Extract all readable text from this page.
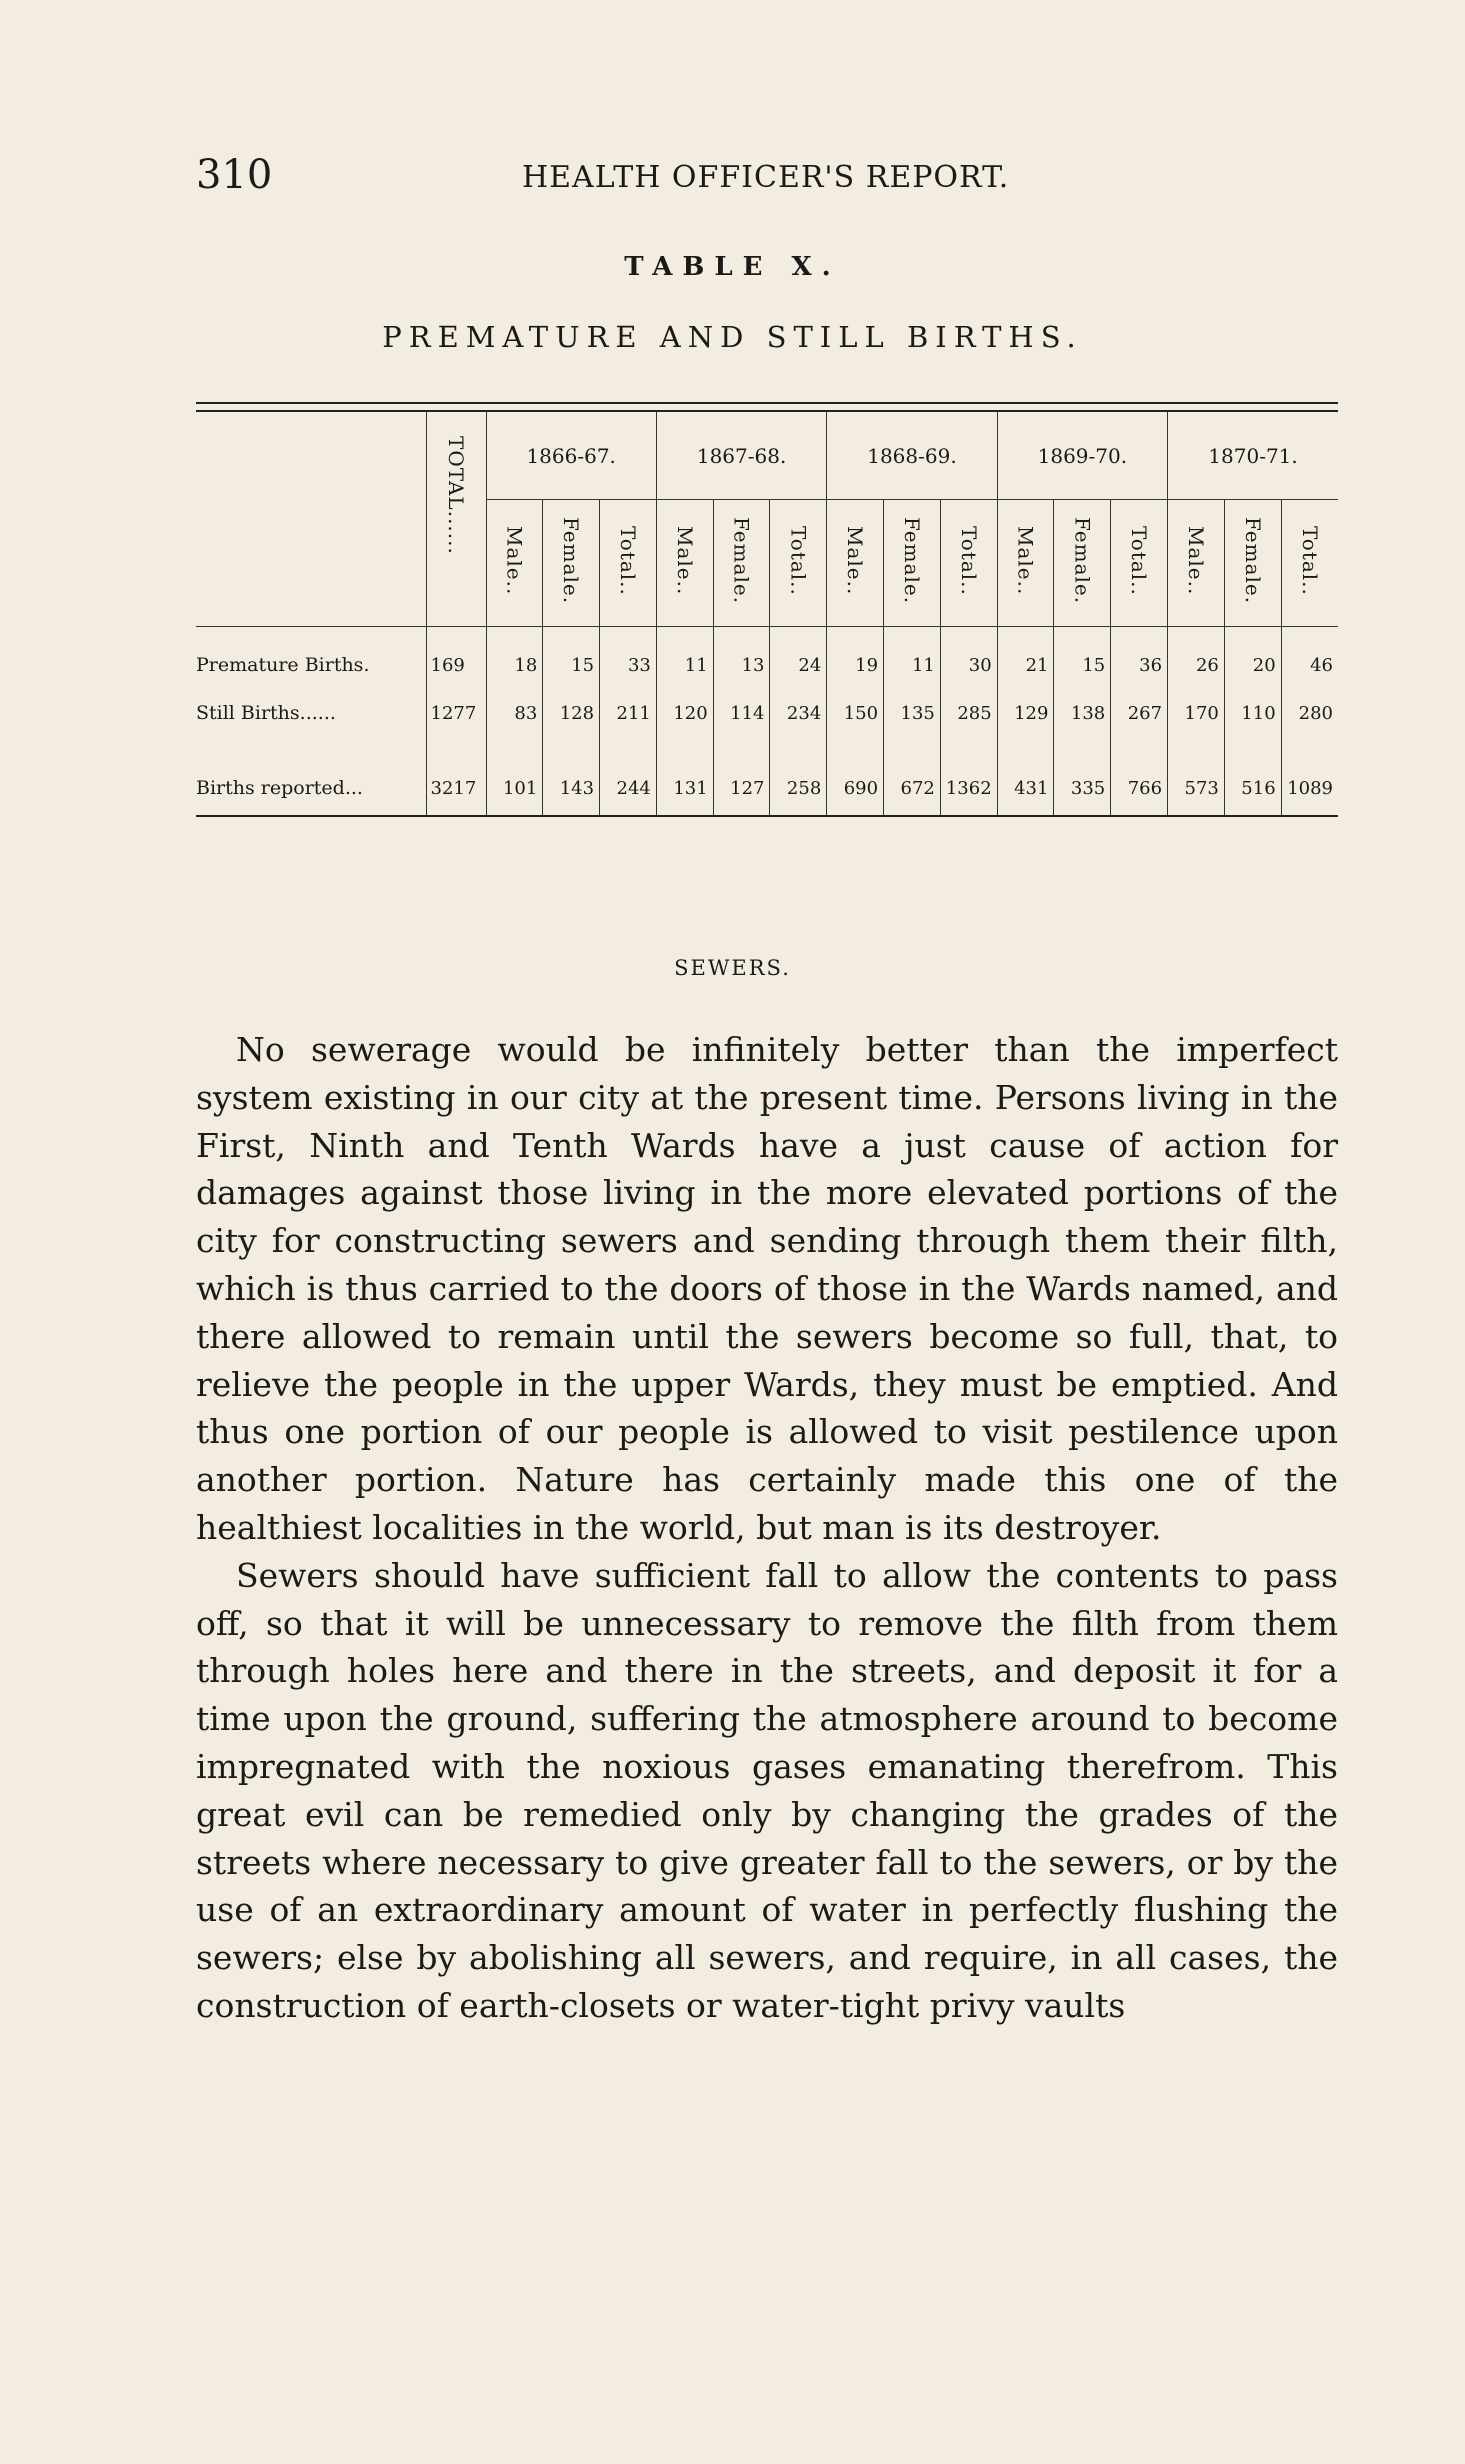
310	HEALTH OFFICER'S REPORT.
TABLE X.
PREMATURE AND STILL BIRTHS.
	TOTAL......	1866-67.			1867-68.			1868-69.			1869-70.			1870-71.		
		Male..	Female.	Total..	Male..	Female.	Total..	Male..	Female.	Total..	Male..	Female.	Total..	Male..	Female.	Total..

Premature Births.	169	18	15	33	11	13	24	19	11	30	21	15	36	26	20	46
Still Births......	1277	83	128	211	120	114	234	150	135	285	129	138	267	170	110	280

Births reported...	3217	101	143	244	131	127	258	690	672	1362	431	335	766	573	516	1089
SEWERS.

No sewerage would be infinitely better than the imperfect system existing in our city at the present time. Persons living in the First, Ninth and Tenth Wards have a just cause of action for damages against those living in the more elevated portions of the city for constructing sewers and sending through them their filth, which is thus carried to the doors of those in the Wards named, and there allowed to remain until the sewers become so full, that, to relieve the people in the upper Wards, they must be emptied. And thus one portion of our people is allowed to visit pestilence upon another portion. Nature has certainly made this one of the healthiest localities in the world, but man is its destroyer.

Sewers should have sufficient fall to allow the contents to pass off, so that it will be unnecessary to remove the filth from them through holes here and there in the streets, and deposit it for a time upon the ground, suffering the atmosphere around to become impregnated with the noxious gases emanating therefrom. This great evil can be remedied only by changing the grades of the streets where necessary to give greater fall to the sewers, or by the use of an extraordinary amount of water in perfectly flushing the sewers; else by abolishing all sewers, and require, in all cases, the construction of earth-closets or water-tight privy vaults
